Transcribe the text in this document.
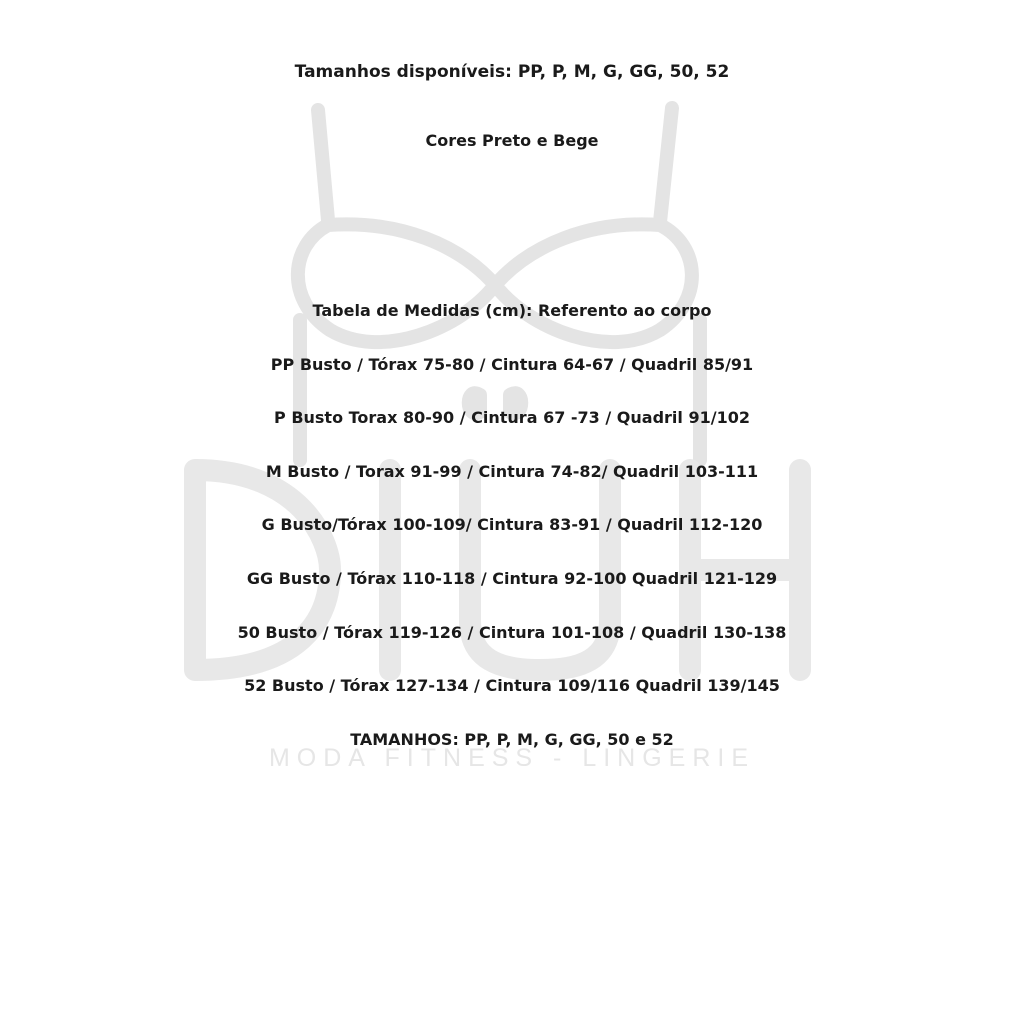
MODA FITNESS - LINGERIE
Tamanhos disponíveis: PP, P, M, G, GG, 50, 52
Cores Preto e Bege
Tabela de Medidas (cm): Referento ao corpo
PP Busto / Tórax 75-80 / Cintura 64-67 / Quadril 85/91
P Busto Torax 80-90 / Cintura 67 -73 / Quadril 91/102
M Busto / Torax 91-99 / Cintura 74-82/ Quadril 103-111
G Busto/Tórax 100-109/ Cintura 83-91 / Quadril 112-120
GG Busto / Tórax 110-118 / Cintura 92-100 Quadril 121-129
50 Busto / Tórax 119-126 / Cintura 101-108 / Quadril 130-138
52 Busto / Tórax 127-134 / Cintura 109/116 Quadril 139/145
TAMANHOS: PP, P, M, G, GG, 50 e 52
